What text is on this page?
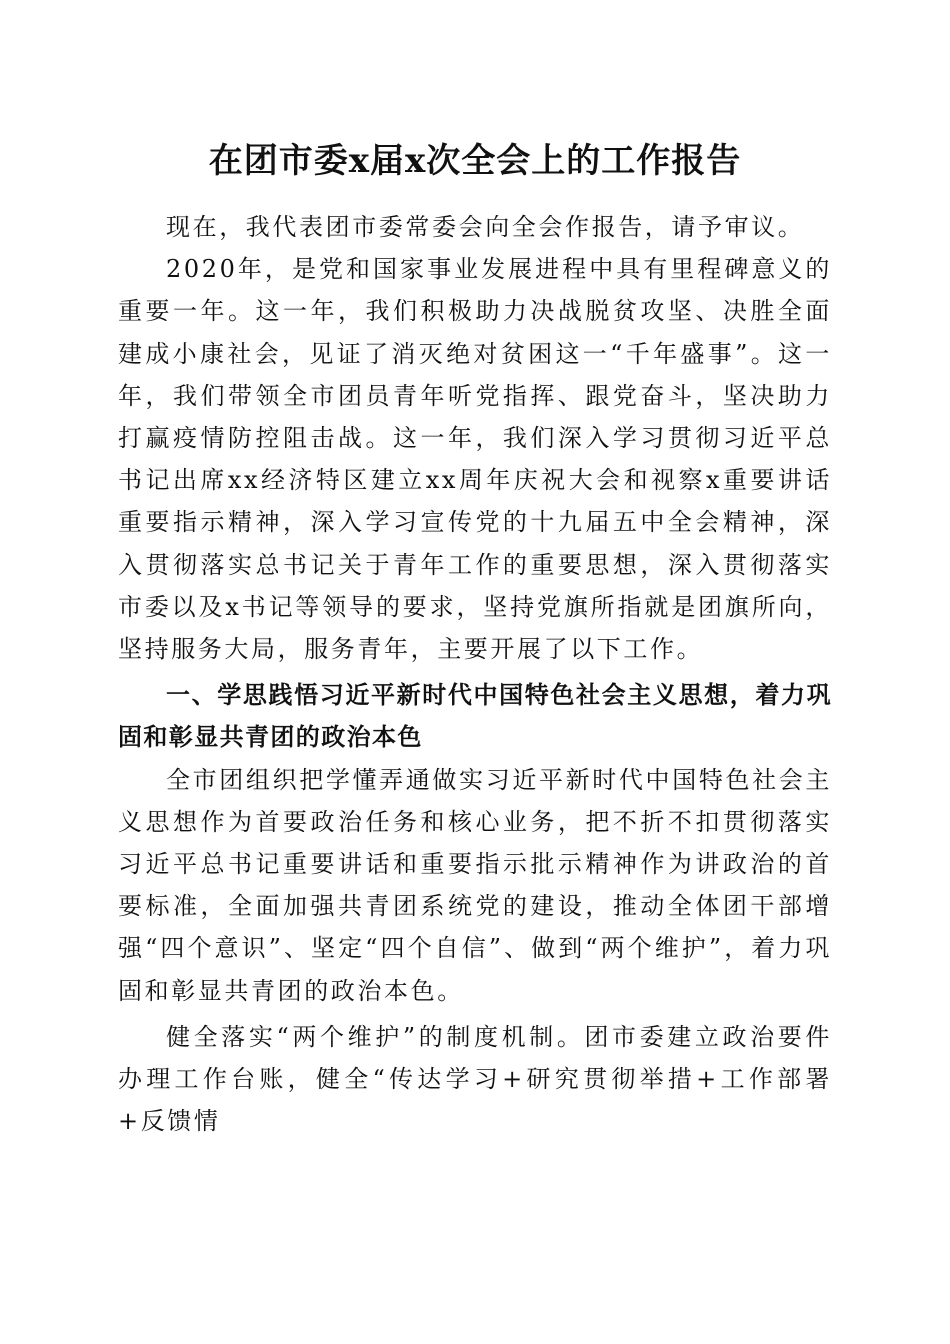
在团市委x届x次全会上的工作报告

现在，我代表团市委常委会向全会作报告，请予审议。

2020年，是党和国家事业发展进程中具有里程碑意义的重要一年。这一年，我们积极助力决战脱贫攻坚、决胜全面建成小康社会，见证了消灭绝对贫困这一“千年盛事”。这一年，我们带领全市团员青年听党指挥、跟党奋斗，坚决助力打赢疫情防控阻击战。这一年，我们深入学习贯彻习近平总书记出席xx经济特区建立xx周年庆祝大会和视察x重要讲话重要指示精神，深入学习宣传党的十九届五中全会精神，深入贯彻落实总书记关于青年工作的重要思想，深入贯彻落实市委以及x书记等领导的要求，坚持党旗所指就是团旗所向，坚持服务大局，服务青年，主要开展了以下工作。

一、学思践悟习近平新时代中国特色社会主义思想，着力巩固和彰显共青团的政治本色

全市团组织把学懂弄通做实习近平新时代中国特色社会主义思想作为首要政治任务和核心业务，把不折不扣贯彻落实习近平总书记重要讲话和重要指示批示精神作为讲政治的首要标准，全面加强共青团系统党的建设，推动全体团干部增强“四个意识”、坚定“四个自信”、做到“两个维护”，着力巩固和彰显共青团的政治本色。

健全落实“两个维护”的制度机制。团市委建立政治要件办理工作台账，健全“传达学习+研究贯彻举措+工作部署+反馈情
